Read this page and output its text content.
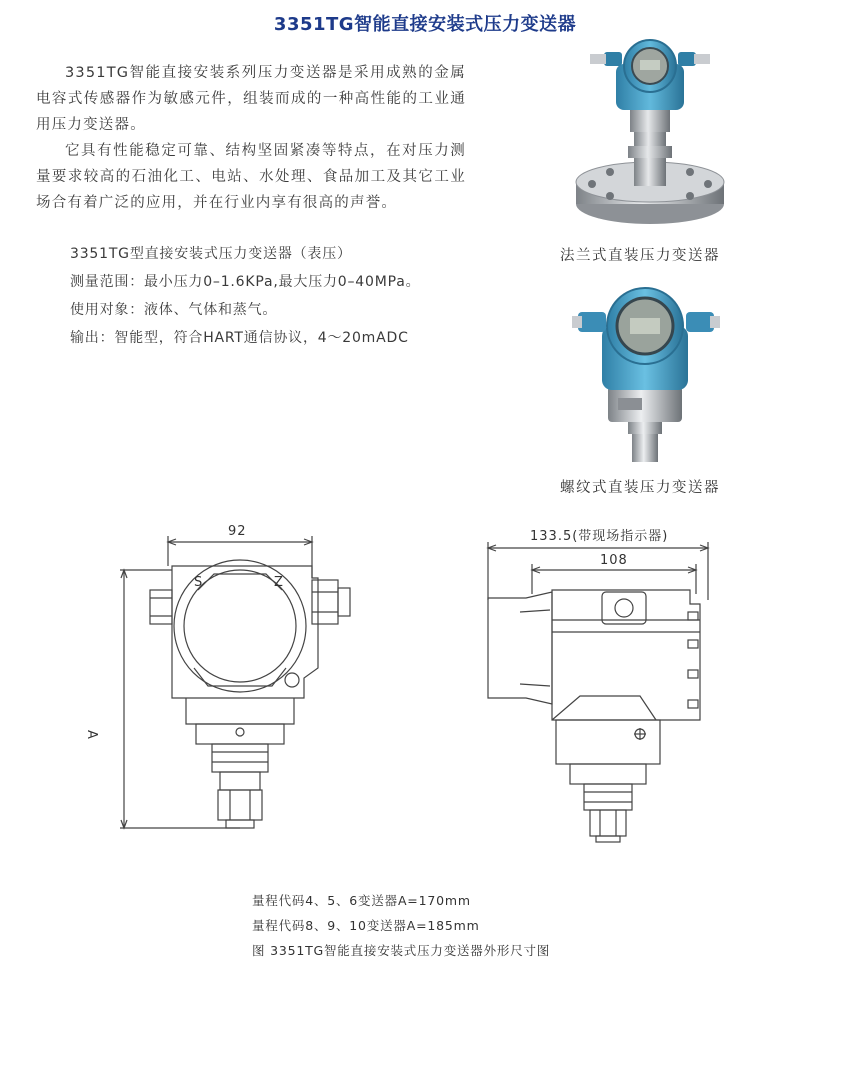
3351TG智能直接安装式压力变送器

3351TG智能直接安装系列压力变送器是采用成熟的金属电容式传感器作为敏感元件，组装而成的一种高性能的工业通用压力变送器。

它具有性能稳定可靠、结构坚固紧凑等特点，在对压力测量要求较高的石油化工、电站、水处理、食品加工及其它工业场合有着广泛的应用，并在行业内享有很高的声誉。

3351TG型直接安装式压力变送器（表压）
测量范围：最小压力0–1.6KPa,最大压力0–40MPa。
使用对象：液体、气体和蒸气。
输出：智能型，符合HART通信协议，4～20mADC
法兰式直装压力变送器
螺纹式直装压力变送器
92
S	Z
A
133.5(带现场指示器)
108
量程代码4、5、6变送器A=170mm
量程代码8、9、10变送器A=185mm
图 3351TG智能直接安装式压力变送器外形尺寸图
